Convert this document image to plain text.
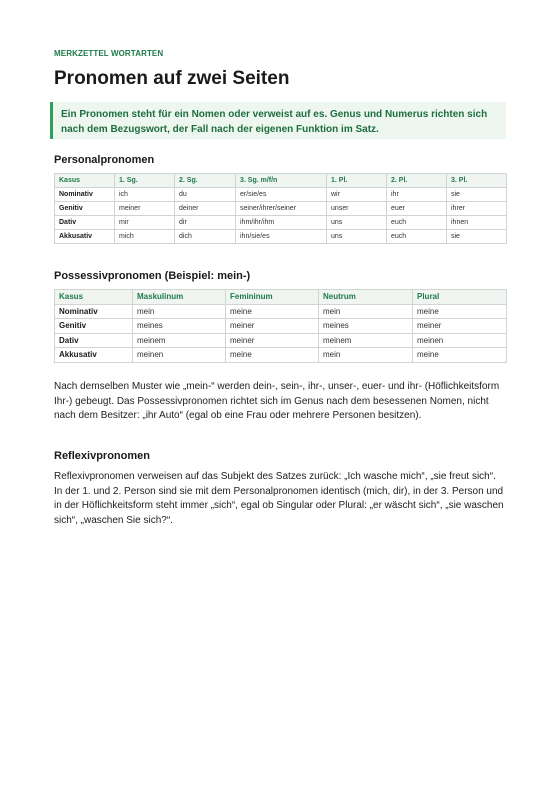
MERKZETTEL WORTARTEN
Pronomen auf zwei Seiten
Ein Pronomen steht für ein Nomen oder verweist auf es. Genus und Numerus richten sich nach dem Bezugswort, der Fall nach der eigenen Funktion im Satz.
Personalpronomen
Kasus	1. Sg.	2. Sg.	3. Sg. m/f/n	1. Pl.	2. Pl.	3. Pl.
Nominativ	ich	du	er/sie/es	wir	ihr	sie
Genitiv	meiner	deiner	seiner/ihrer/seiner	unser	euer	ihrer
Dativ	mir	dir	ihm/ihr/ihm	uns	euch	ihnen
Akkusativ	mich	dich	ihn/sie/es	uns	euch	sie
Possessivpronomen (Beispiel: mein-)
Kasus	Maskulinum	Femininum	Neutrum	Plural
Nominativ	mein	meine	mein	meine
Genitiv	meines	meiner	meines	meiner
Dativ	meinem	meiner	meinem	meinen
Akkusativ	meinen	meine	mein	meine

Nach demselben Muster wie „mein-“ werden dein-, sein-, ihr-, unser-, euer- und ihr- (Höflichkeitsform Ihr-) gebeugt. Das Possessivpronomen richtet sich im Genus nach dem besessenen Nomen, nicht nach dem Besitzer: „ihr Auto“ (egal ob eine Frau oder mehrere Personen besitzen).

Reflexivpronomen

Reflexivpronomen verweisen auf das Subjekt des Satzes zurück: „Ich wasche mich“, „sie freut sich“. In der 1. und 2. Person sind sie mit dem Personalpronomen identisch (mich, dir), in der 3. Person und in der Höflichkeitsform steht immer „sich“, egal ob Singular oder Plural: „er wäscht sich“, „sie waschen sich“, „waschen Sie sich?“.
